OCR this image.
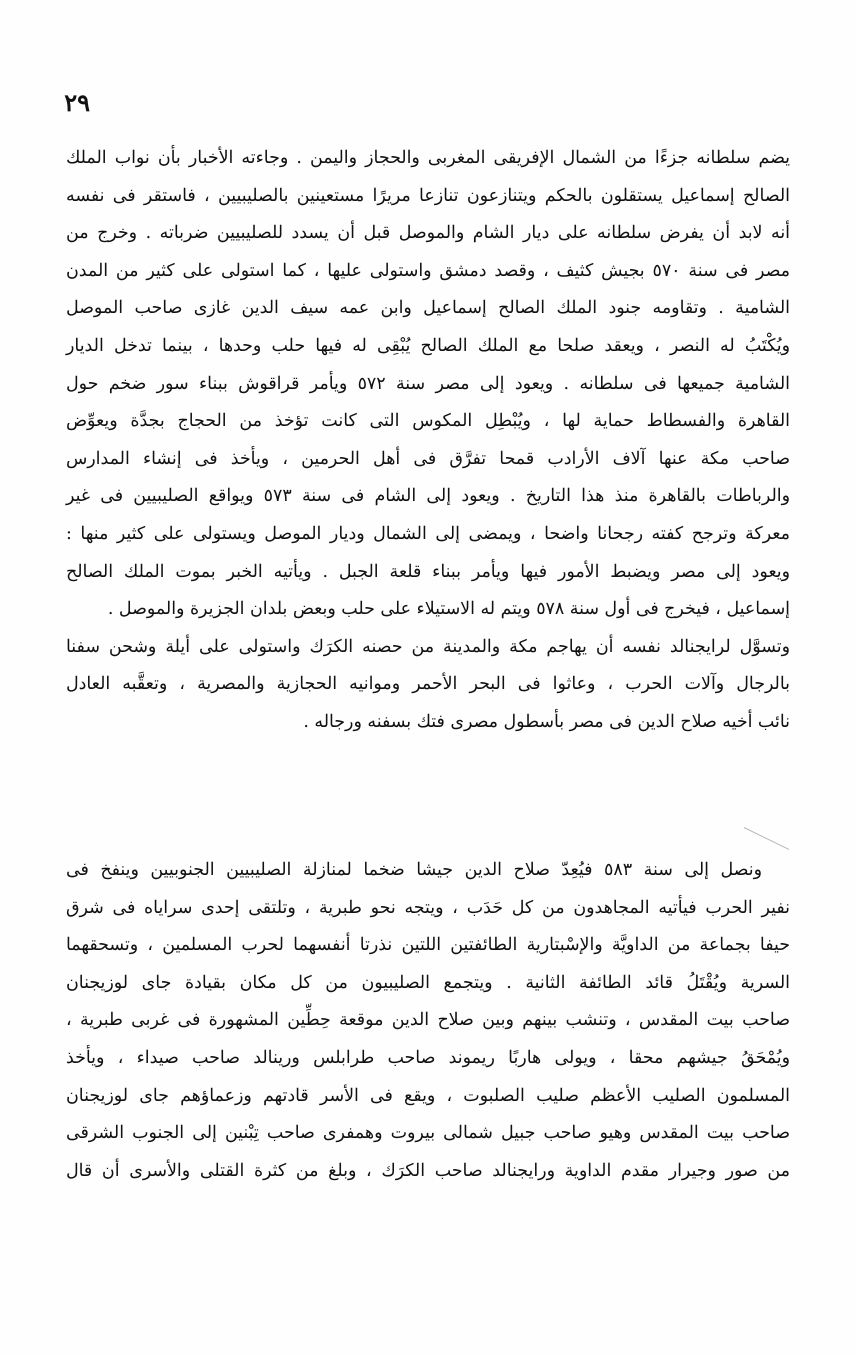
٢٩
يضم سلطانه جزءًا من الشمال الإفريقى المغربى والحجاز واليمن . وجاءته الأخبار بأن نواب الملك
الصالح إسماعيل يستقلون بالحكم ويتنازعون تنازعا مريرًا مستعينين بالصليبيين ، فاستقر فى نفسه
أنه لابد أن يفرض سلطانه على ديار الشام والموصل قبل أن يسدد للصليبيين ضرباته . وخرج من
مصر فى سنة ٥٧٠ بجيش كثيف ، وقصد دمشق واستولى عليها ، كما استولى على كثير من المدن
الشامية . وتقاومه جنود الملك الصالح إسماعيل وابن عمه سيف الدين غازى صاحب الموصل
ويُكْتَبُ له النصر ، ويعقد صلحا مع الملك الصالح يُبْقِى له فيها حلب وحدها ، بينما تدخل الديار
الشامية جميعها فى سلطانه . ويعود إلى مصر سنة ٥٧٢ ويأمر قراقوش ببناء سور ضخم حول
القاهرة والفسطاط حماية لها ، ويُبْطِل المكوس التى كانت تؤخذ من الحجاج بجدَّة ويعوِّض
صاحب مكة عنها آلاف الأرادب قمحا تفرَّق فى أهل الحرمين ، ويأخذ فى إنشاء المدارس
والرباطات بالقاهرة منذ هذا التاريخ . ويعود إلى الشام فى سنة ٥٧٣ ويواقع الصليبيين فى غير
معركة وترجح كفته رجحانا واضحا ، ويمضى إلى الشمال وديار الموصل ويستولى على كثير منها :
ويعود إلى مصر ويضبط الأمور فيها ويأمر ببناء قلعة الجبل . ويأتيه الخبر بموت الملك الصالح
إسماعيل ، فيخرج فى أول سنة ٥٧٨ ويتم له الاستيلاء على حلب وبعض بلدان الجزيرة والموصل .
وتسوَّل لرايجنالد نفسه أن يهاجم مكة والمدينة من حصنه الكرَك واستولى على أيلة وشحن سفنا
بالرجال وآلات الحرب ، وعاثوا فى البحر الأحمر وموانيه الحجازية والمصرية ، وتعقَّبه العادل
نائب أخيه صلاح الدين فى مصر بأسطول مصرى فتك بسفنه ورجاله .
ونصل إلى سنة ٥٨٣ فيُعِدّ صلاح الدين جيشا ضخما لمنازلة الصليبيين الجنوبيين وينفخ فى
نفير الحرب فيأتيه المجاهدون من كل حَدَب ، ويتجه نحو طبرية ، وتلتقى إحدى سراياه فى شرق
حيفا بجماعة من الداويَّة والإسْبتارية الطائفتين اللتين نذرتا أنفسهما لحرب المسلمين ، وتسحقهما
السرية ويُقْتَلُ قائد الطائفة الثانية . ويتجمع الصليبيون من كل مكان بقيادة جاى لوزيجنان
صاحب بيت المقدس ، وتنشب بينهم وبين صلاح الدين موقعة حِطِّين المشهورة فى غربى طبرية ،
ويُمْحَقُ جيشهم محقا ، ويولى هاربًا ريموند صاحب طرابلس ورينالد صاحب صيداء ، ويأخذ
المسلمون الصليب الأعظم صليب الصلبوت ، ويقع فى الأسر قادتهم وزعماؤهم جاى لوزيجنان
صاحب بيت المقدس وهيو صاحب جبيل شمالى بيروت وهمفرى صاحب تِبْنين إلى الجنوب الشرقى
من صور وجيرار مقدم الداوية ورايجنالد صاحب الكرَك ، وبلغ من كثرة القتلى والأسرى أن قال
